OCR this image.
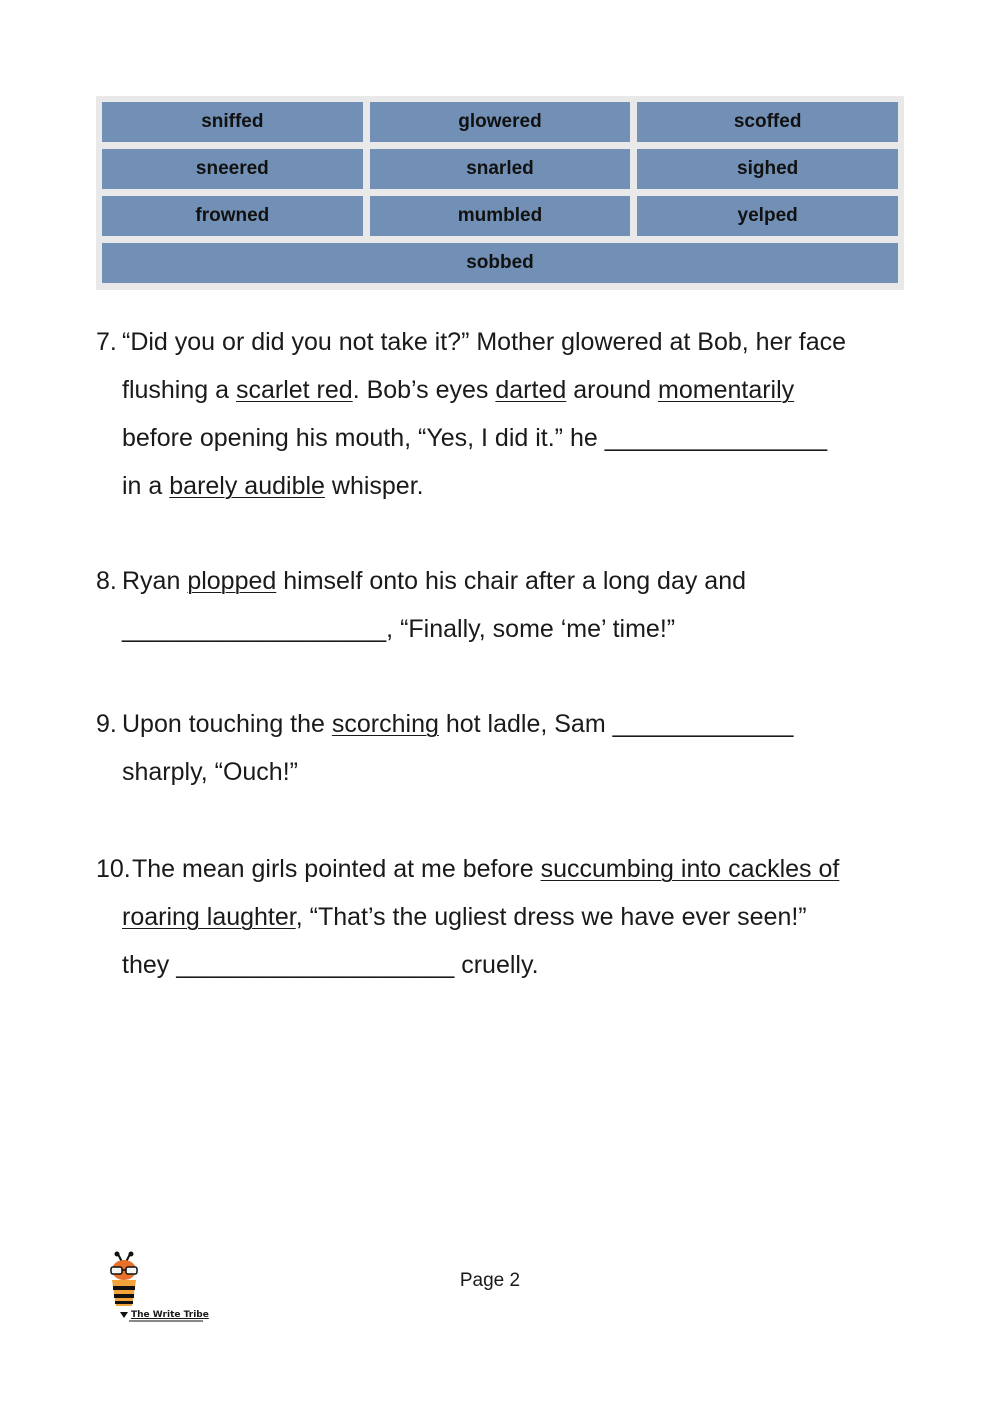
sniffed	glowered	scoffed
sneered	snarled	sighed
frowned	mumbled	yelped
sobbed
7. “Did you or did you not take it?” Mother glowered at Bob, her face
flushing a scarlet red. Bob’s eyes darted around momentarily
before opening his mouth, “Yes, I did it.” he ________________
in a barely audible whisper.
8. Ryan plopped himself onto his chair after a long day and
___________________, “Finally, some ‘me’ time!”
9. Upon touching the scorching hot ladle, Sam _____________
sharply, “Ouch!”
10. The mean girls pointed at me before succumbing into cackles of
roaring laughter, “That’s the ugliest dress we have ever seen!”
they ____________________ cruelly.
The Write Tribe
Page 2
